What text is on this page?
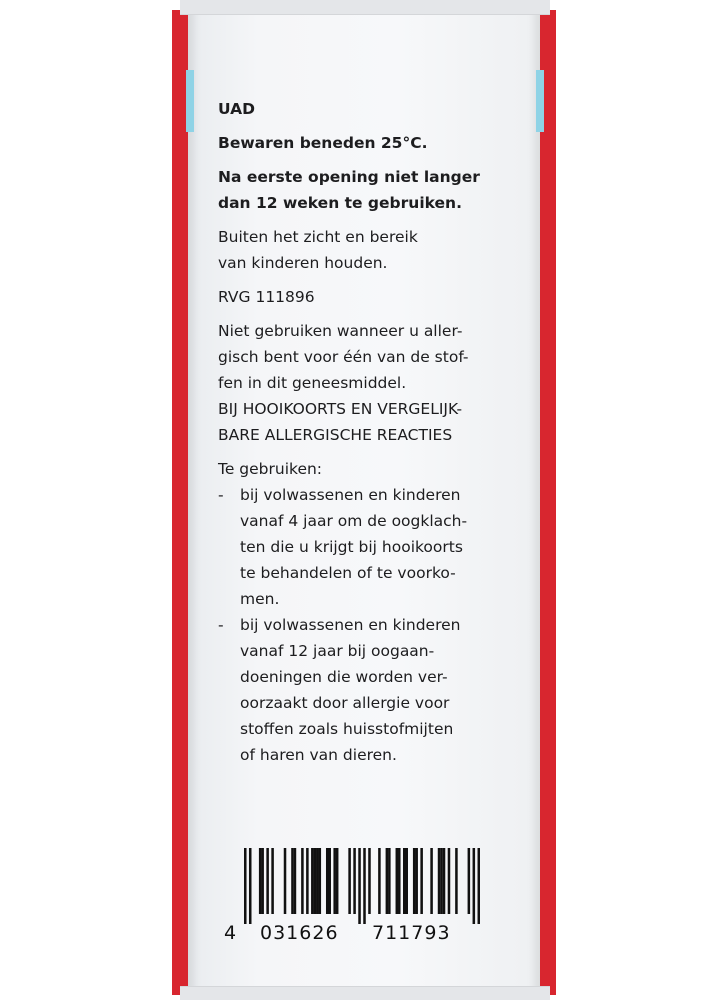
UAD

Bewaren beneden 25°C.

Na eerste opening niet langer
dan 12 weken te gebruiken.

Buiten het zicht en bereik
van kinderen houden.

RVG 111896

Niet gebruiken wanneer u aller-
gisch bent voor één van de stof-
fen in dit geneesmiddel.

BIJ HOOIKOORTS EN VERGELIJK-
BARE ALLERGISCHE REACTIES

Te gebruiken:

- bij volwassenen en kinderen
vanaf 4 jaar om de oogklach-
ten die u krijgt bij hooikoorts
te behandelen of te voorko-
men.
- bij volwassenen en kinderen
vanaf 12 jaar bij oogaan-
doeningen die worden ver-
oorzaakt door allergie voor
stoffen zoals huisstofmijten
of haren van dieren.
4 031626 711793
